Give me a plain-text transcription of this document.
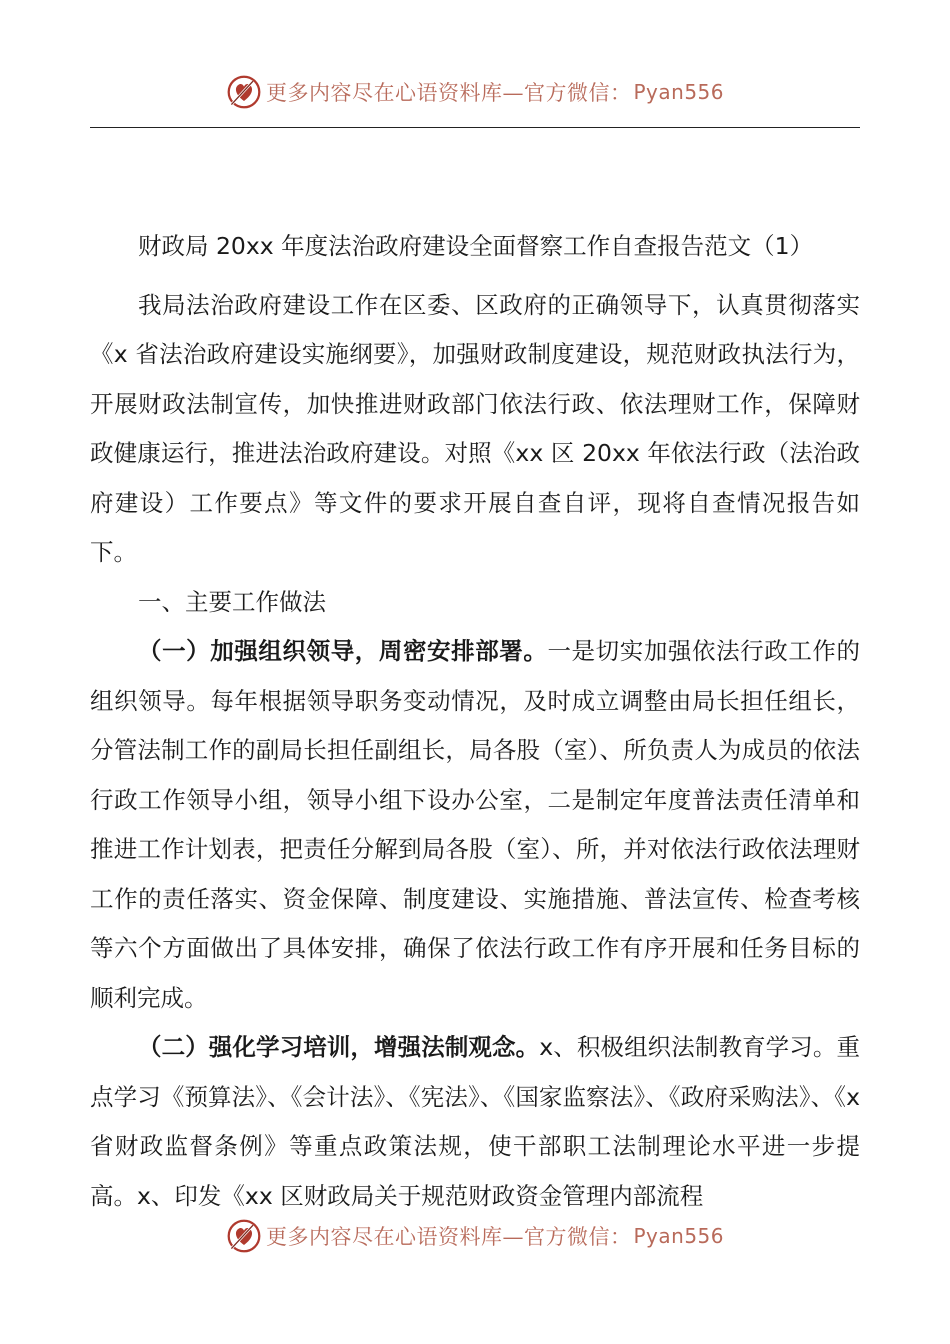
更多内容尽在心语资料库—官方微信： Pyan556

财政局 20xx 年度法治政府建设全面督察工作自查报告范文（1）

我局法治政府建设工作在区委、区政府的正确领导下，认真贯彻落实《x 省法治政府建设实施纲要》，加强财政制度建设，规范财政执法行为，开展财政法制宣传，加快推进财政部门依法行政、依法理财工作，保障财政健康运行，推进法治政府建设。对照《xx 区 20xx 年依法行政（法治政府建设）工作要点》等文件的要求开展自查自评，现将自查情况报告如下。

一、主要工作做法

（一）加强组织领导，周密安排部署。一是切实加强依法行政工作的组织领导。每年根据领导职务变动情况，及时成立调整由局长担任组长，分管法制工作的副局长担任副组长，局各股（室）、所负责人为成员的依法行政工作领导小组，领导小组下设办公室，二是制定年度普法责任清单和推进工作计划表，把责任分解到局各股（室）、所，并对依法行政依法理财工作的责任落实、资金保障、制度建设、实施措施、普法宣传、检查考核等六个方面做出了具体安排，确保了依法行政工作有序开展和任务目标的顺利完成。

（二）强化学习培训，增强法制观念。x、积极组织法制教育学习。重点学习《预算法》、《会计法》、《宪法》、《国家监察法》、《政府采购法》、《x 省财政监督条例》等重点政策法规，使干部职工法制理论水平进一步提高。x、印发《xx 区财政局关于规范财政资金管理内部流程

更多内容尽在心语资料库—官方微信： Pyan556
